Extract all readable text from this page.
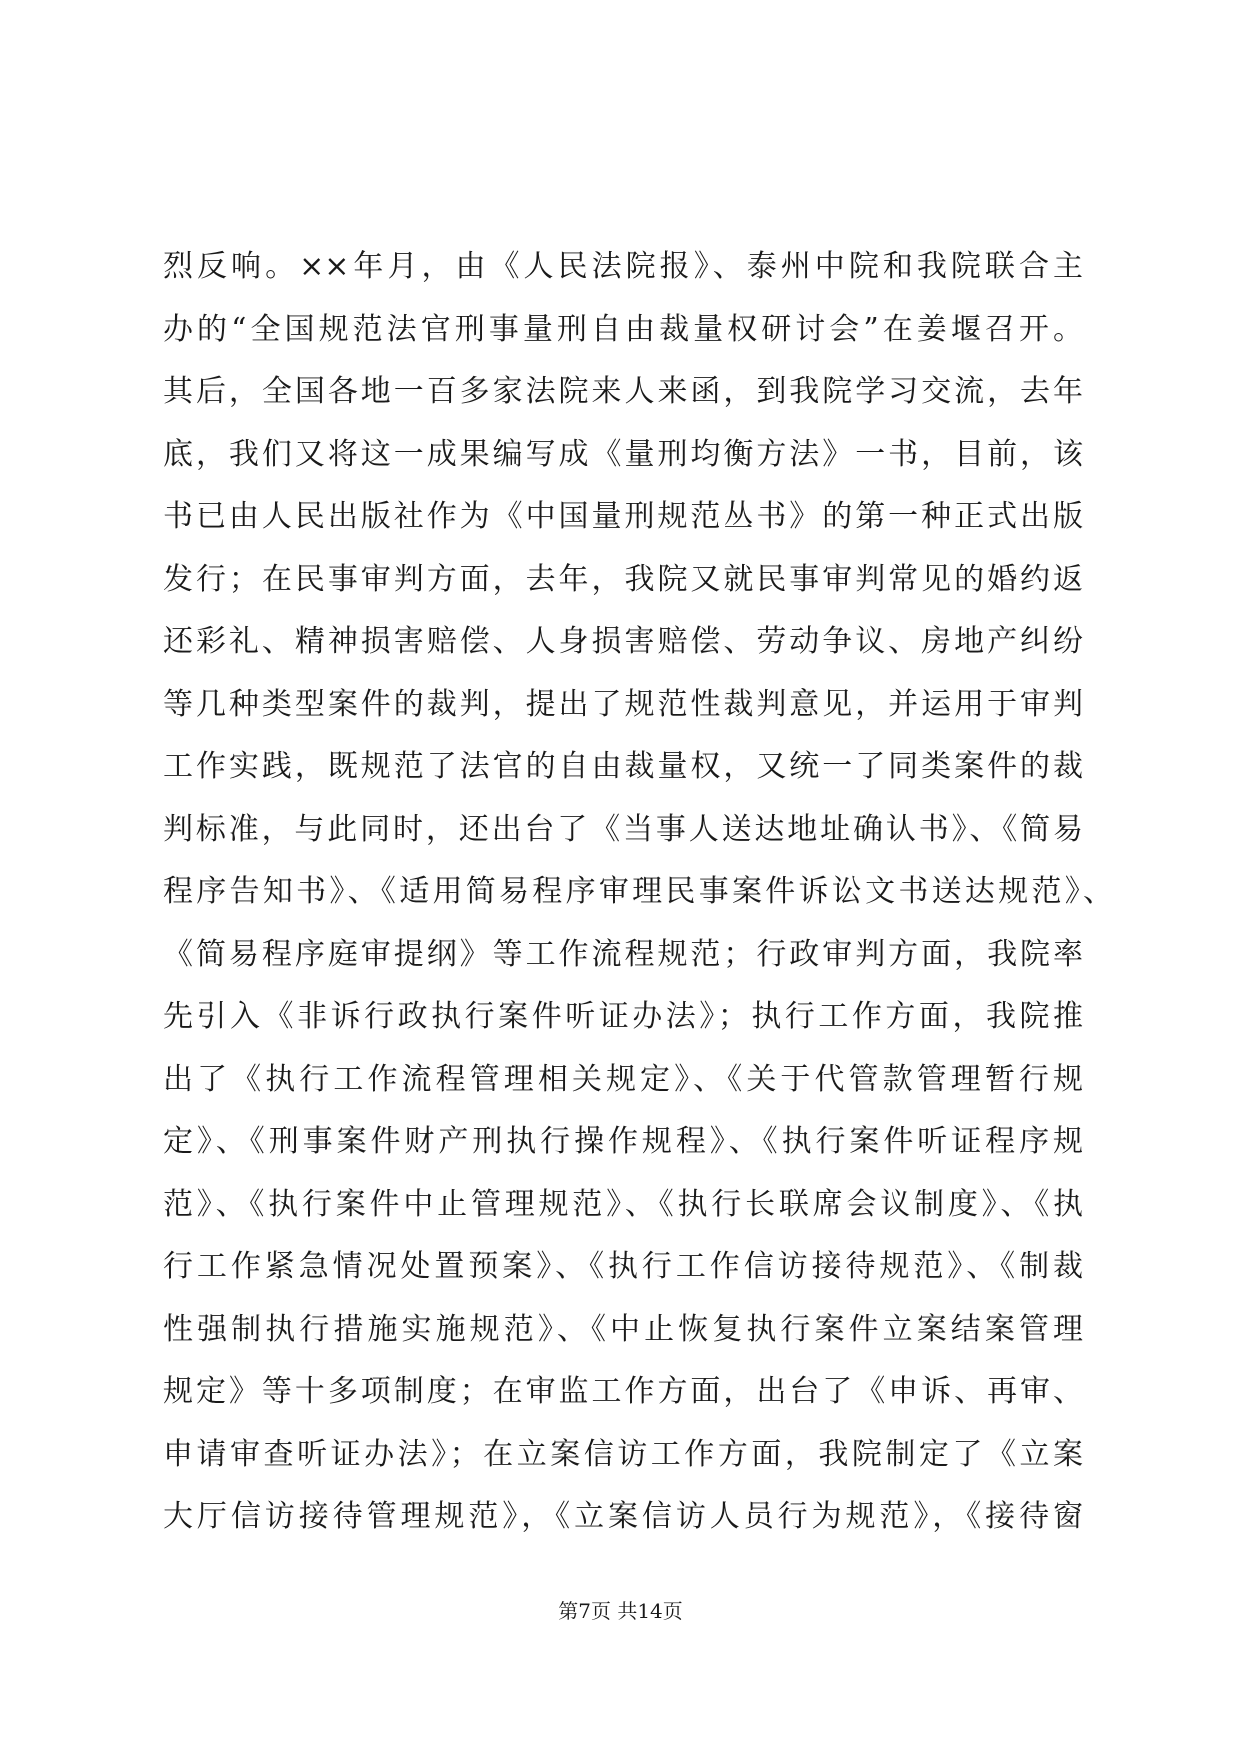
烈反响。××年月，由《人民法院报》、泰州中院和我院联合主
办的“全国规范法官刑事量刑自由裁量权研讨会”在姜堰召开。
其后，全国各地一百多家法院来人来函，到我院学习交流，去年
底，我们又将这一成果编写成《量刑均衡方法》一书，目前，该
书已由人民出版社作为《中国量刑规范丛书》的第一种正式出版
发行；在民事审判方面，去年，我院又就民事审判常见的婚约返
还彩礼、精神损害赔偿、人身损害赔偿、劳动争议、房地产纠纷
等几种类型案件的裁判，提出了规范性裁判意见，并运用于审判
工作实践，既规范了法官的自由裁量权，又统一了同类案件的裁
判标准，与此同时，还出台了《当事人送达地址确认书》、《简易
程序告知书》、《适用简易程序审理民事案件诉讼文书送达规范》、
《简易程序庭审提纲》等工作流程规范；行政审判方面，我院率
先引入《非诉行政执行案件听证办法》；执行工作方面，我院推
出了《执行工作流程管理相关规定》、《关于代管款管理暂行规
定》、《刑事案件财产刑执行操作规程》、《执行案件听证程序规
范》、《执行案件中止管理规范》、《执行长联席会议制度》、《执
行工作紧急情况处置预案》、《执行工作信访接待规范》、《制裁
性强制执行措施实施规范》、《中止恢复执行案件立案结案管理
规定》等十多项制度；在审监工作方面，出台了《申诉、再审、
申请审查听证办法》；在立案信访工作方面，我院制定了《立案
大厅信访接待管理规范》，《立案信访人员行为规范》，《接待窗
第7页 共14页
